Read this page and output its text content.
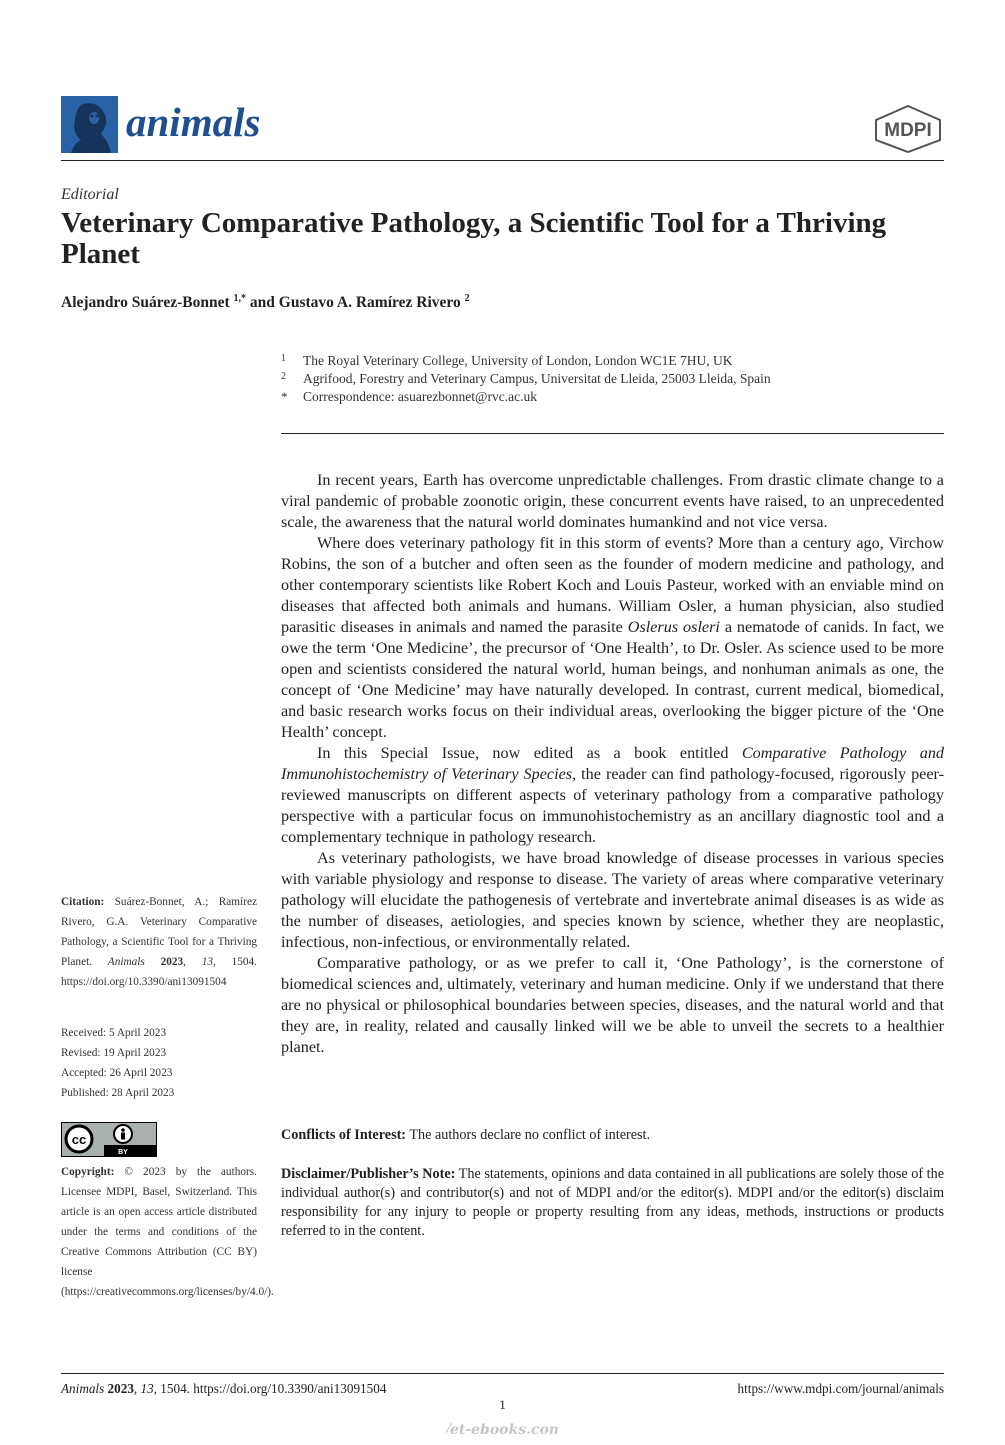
animals	MDPI
Editorial
Veterinary Comparative Pathology, a Scientific Tool for a Thriving Planet
Alejandro Suárez-Bonnet $^{1,*}$ and Gustavo A. Ramírez Rivero $^2$
1	The Royal Veterinary College, University of London, London WC1E 7HU, UK
2	Agrifood, Forestry and Veterinary Campus, Universitat de Lleida, 25003 Lleida, Spain
*	Correspondence: asuarezbonnet@rvc.ac.uk

In recent years, Earth has overcome unpredictable challenges. From drastic climate change to a viral pandemic of probable zoonotic origin, these concurrent events have raised, to an unprecedented scale, the awareness that the natural world dominates humankind and not vice versa.

Where does veterinary pathology fit in this storm of events? More than a century ago, Virchow Robins, the son of a butcher and often seen as the founder of modern medicine and pathology, and other contemporary scientists like Robert Koch and Louis Pasteur, worked with an enviable mind on diseases that affected both animals and humans. William Osler, a human physician, also studied parasitic diseases in animals and named the parasite Oslerus osleri a nematode of canids. In fact, we owe the term ‘One Medicine’, the precursor of ‘One Health’, to Dr. Osler. As science used to be more open and scientists considered the natural world, human beings, and nonhuman animals as one, the concept of ‘One Medicine’ may have naturally developed. In contrast, current medical, biomedical, and basic research works focus on their individual areas, overlooking the bigger picture of the ‘One Health’ concept.

In this Special Issue, now edited as a book entitled Comparative Pathology and Immunohistochemistry of Veterinary Species, the reader can find pathology-focused, rigorously peer-reviewed manuscripts on different aspects of veterinary pathology from a comparative pathology perspective with a particular focus on immunohistochemistry as an ancillary diagnostic tool and a complementary technique in pathology research.

As veterinary pathologists, we have broad knowledge of disease processes in various species with variable physiology and response to disease. The variety of areas where comparative veterinary pathology will elucidate the pathogenesis of vertebrate and invertebrate animal diseases is as wide as the number of diseases, aetiologies, and species known by science, whether they are neoplastic, infectious, non-infectious, or environmentally related.

Comparative pathology, or as we prefer to call it, ‘One Pathology’, is the cornerstone of biomedical sciences and, ultimately, veterinary and human medicine. Only if we understand that there are no physical or philosophical boundaries between species, diseases, and the natural world and that they are, in reality, related and causally linked will we be able to unveil the secrets to a healthier planet.

Conflicts of Interest: The authors declare no conflict of interest.
Disclaimer/Publisher’s Note: The statements, opinions and data contained in all publications are solely those of the individual author(s) and contributor(s) and not of MDPI and/or the editor(s). MDPI and/or the editor(s) disclaim responsibility for any injury to people or property resulting from any ideas, methods, instructions or products referred to in the content.
Citation: Suárez-Bonnet, A.; Ramírez Rivero, G.A. Veterinary Comparative Pathology, a Scientific Tool for a Thriving Planet. Animals 2023, 13, 1504. https://doi.org/10.3390/ani13091504
Received: 5 April 2023
Revised: 19 April 2023
Accepted: 26 April 2023
Published: 28 April 2023
cc
BY
Copyright: © 2023 by the authors. Licensee MDPI, Basel, Switzerland. This article is an open access article distributed under the terms and conditions of the Creative Commons Attribution (CC BY) license (https://creativecommons.org/licenses/by/4.0/).
Animals 2023, 13, 1504. https://doi.org/10.3390/ani13091504	https://www.mdpi.com/journal/animals
1
Vet-ebooks.com
